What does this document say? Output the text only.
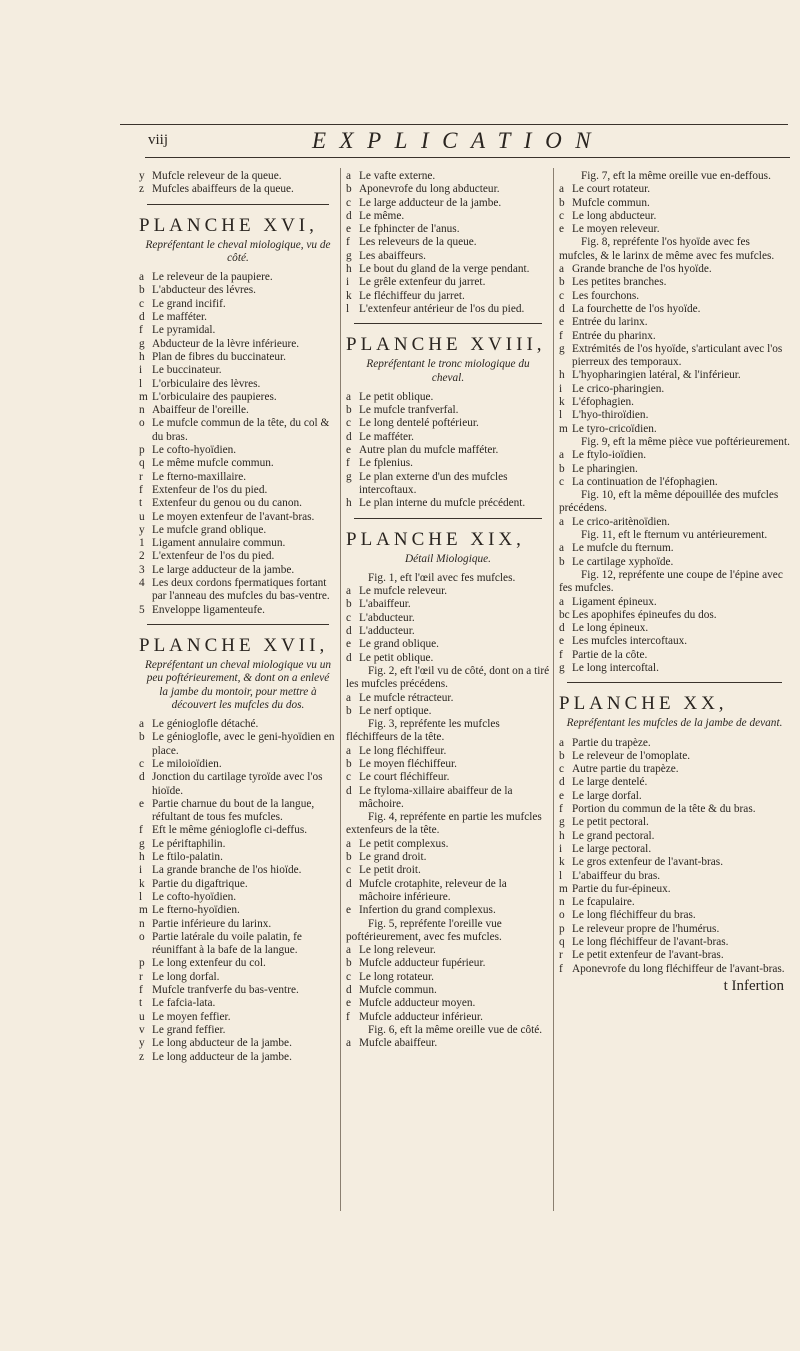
viij	EXPLICATION
y Mufcle releveur de la queue.
z Mufcles abaiffeurs de la queue.
PLANCHE XVI,
Repréfentant le cheval miologique, vu de côté.
a Le releveur de la paupiere.
b L'abducteur des lévres.
c Le grand incifif.
d Le mafféter.
f Le pyramidal.
g Abducteur de la lèvre inférieure.
h Plan de fibres du buccinateur.
i Le buccinateur.
l L'orbiculaire des lèvres.
m L'orbiculaire des paupieres.
n Abaiffeur de l'oreille.
o Le mufcle commun de la tête, du col & du bras.
p Le cofto-hyoïdien.
q Le même mufcle commun.
r Le fterno-maxillaire.
f Extenfeur de l'os du pied.
t Extenfeur du genou ou du canon.
u Le moyen extenfeur de l'avant-bras.
y Le mufcle grand oblique.
1 Ligament annulaire commun.
2 L'extenfeur de l'os du pied.
3 Le large adducteur de la jambe.
4 Les deux cordons fpermatiques fortant par l'anneau des mufcles du bas-ventre.
5 Enveloppe ligamenteufe.
PLANCHE XVII,
Repréfentant un cheval miologique vu un peu poftérieurement, & dont on a enlevé la jambe du montoir, pour mettre à découvert les mufcles du dos.
a Le génioglofle détaché.
b Le génioglofle, avec le geni-hyoïdien en place.
c Le miloioïdien.
d Jonction du cartilage tyroïde avec l'os hioïde.
e Partie charnue du bout de la langue, réfultant de tous fes mufcles.
f Eft le même génioglofle ci-deffus.
g Le périftaphilin.
h Le ftilo-palatin.
i La grande branche de l'os hioïde.
k Partie du digaftrique.
l Le cofto-hyoïdien.
m Le fterno-hyoïdien.
n Partie inférieure du larinx.
o Partie latérale du voile palatin, fe réuniffant à la bafe de la langue.
p Le long extenfeur du col.
r Le long dorfal.
f Mufcle tranfverfe du bas-ventre.
t Le fafcia-lata.
u Le moyen feffier.
v Le grand feffier.
y Le long abducteur de la jambe.
z Le long adducteur de la jambe.
a Le vafte externe.
b Aponevrofe du long abducteur.
c Le large adducteur de la jambe.
d Le même.
e Le fphincter de l'anus.
f Les releveurs de la queue.
g Les abaiffeurs.
h Le bout du gland de la verge pendant.
i Le grêle extenfeur du jarret.
k Le fléchiffeur du jarret.
l L'extenfeur antérieur de l'os du pied.
PLANCHE XVIII,
Repréfentant le tronc miologique du cheval.
a Le petit oblique.
b Le mufcle tranfverfal.
c Le long dentelé poftérieur.
d Le mafféter.
e Autre plan du mufcle mafféter.
f Le fplenius.
g Le plan externe d'un des mufcles intercoftaux.
h Le plan interne du mufcle précédent.
PLANCHE XIX,
Détail Miologique.
Fig. 1, eft l'œil avec fes mufcles.
a Le mufcle releveur.
b L'abaiffeur.
c L'abducteur.
d L'adducteur.
e Le grand oblique.
d Le petit oblique.
Fig. 2, eft l'œil vu de côté, dont on a tiré les mufcles précédens.
a Le mufcle rétracteur.
b Le nerf optique.
Fig. 3, repréfente les mufcles fléchiffeurs de la tête.
a Le long fléchiffeur.
b Le moyen fléchiffeur.
c Le court fléchiffeur.
d Le ftyloma-xillaire abaiffeur de la mâchoire.
Fig. 4, repréfente en partie les mufcles extenfeurs de la tête.
a Le petit complexus.
b Le grand droit.
c Le petit droit.
d Mufcle crotaphite, releveur de la mâchoire inférieure.
e Infertion du grand complexus.
Fig. 5, repréfente l'oreille vue poftérieurement, avec fes mufcles.
a Le long releveur.
b Mufcle adducteur fupérieur.
c Le long rotateur.
d Mufcle commun.
e Mufcle adducteur moyen.
f Mufcle adducteur inférieur.
Fig. 6, eft la même oreille vue de côté.
a Mufcle abaiffeur.
Fig. 7, eft la même oreille vue en-deffous.
a Le court rotateur.
b Mufcle commun.
c Le long abducteur.
e Le moyen releveur.
Fig. 8, repréfente l'os hyoïde avec fes mufcles, & le larinx de même avec fes mufcles.
a Grande branche de l'os hyoïde.
b Les petites branches.
c Les fourchons.
d La fourchette de l'os hyoïde.
e Entrée du larinx.
f Entrée du pharinx.
g Extrémités de l'os hyoïde, s'articulant avec l'os pierreux des temporaux.
h L'hyopharingien latéral, & l'inférieur.
i Le crico-pharingien.
k L'éfophagien.
l L'hyo-thiroïdien.
m Le tyro-cricoïdien.
Fig. 9, eft la même pièce vue poftérieurement.
a Le ftylo-ioïdien.
b Le pharingien.
c La continuation de l'éfophagien.
Fig. 10, eft la même dépouillée des mufcles précédens.
a Le crico-aritènoïdien.
Fig. 11, eft le fternum vu antérieurement.
a Le mufcle du fternum.
b Le cartilage xyphoïde.
Fig. 12, repréfente une coupe de l'épine avec fes mufcles.
a Ligament épineux.
bc Les apophifes épineufes du dos.
d Le long épineux.
e Les mufcles intercoftaux.
f Partie de la côte.
g Le long intercoftal.
PLANCHE XX,
Repréfentant les mufcles de la jambe de devant.
a Partie du trapèze.
b Le releveur de l'omoplate.
c Autre partie du trapèze.
d Le large dentelé.
e Le large dorfal.
f Portion du commun de la tête & du bras.
g Le petit pectoral.
h Le grand pectoral.
i Le large pectoral.
k Le gros extenfeur de l'avant-bras.
l L'abaiffeur du bras.
m Partie du fur-épineux.
n Le fcapulaire.
o Le long fléchiffeur du bras.
p Le releveur propre de l'humérus.
q Le long fléchiffeur de l'avant-bras.
r Le petit extenfeur de l'avant-bras.
f Aponevrofe du long fléchiffeur de l'avant-bras.
t Infertion
